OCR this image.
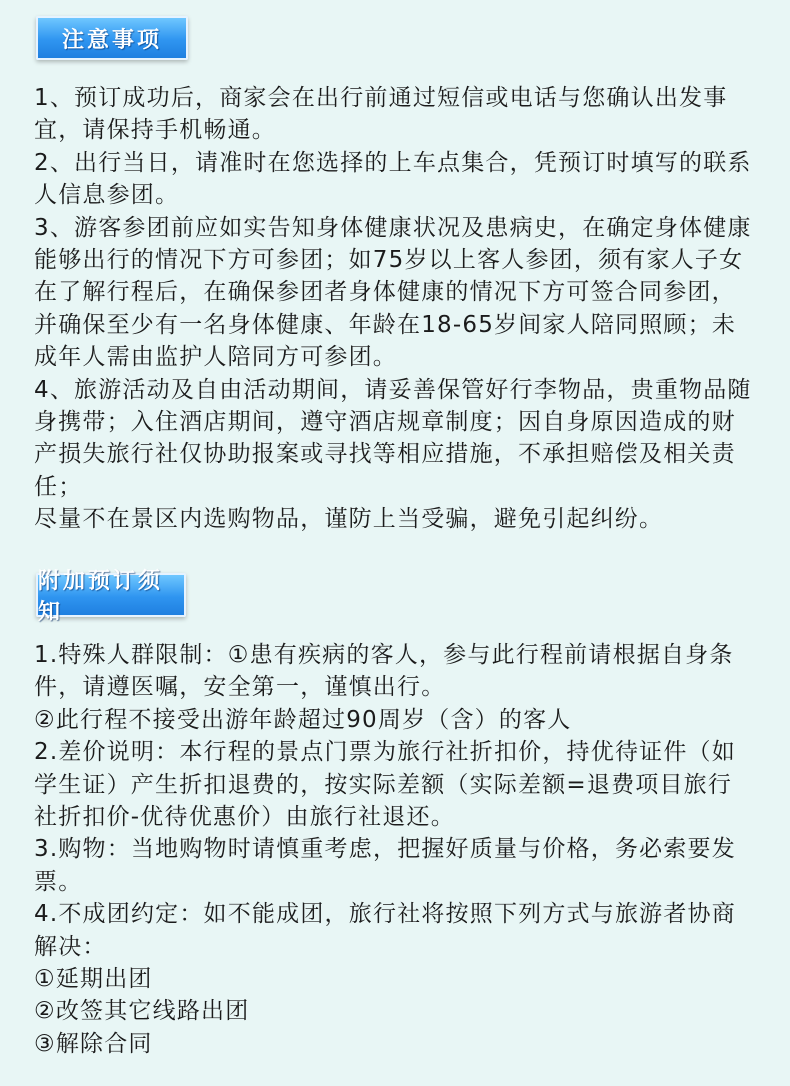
注意事项

1、预订成功后，商家会在出行前通过短信或电话与您确认出发事宜，请保持手机畅通。

2、出行当日，请准时在您选择的上车点集合，凭预订时填写的联系人信息参团。

3、游客参团前应如实告知身体健康状况及患病史，在确定身体健康能够出行的情况下方可参团；如75岁以上客人参团，须有家人子女在了解行程后，在确保参团者身体健康的情况下方可签合同参团，并确保至少有一名身体健康、年龄在18-65岁间家人陪同照顾；未成年人需由监护人陪同方可参团。

4、旅游活动及自由活动期间，请妥善保管好行李物品，贵重物品随身携带；入住酒店期间，遵守酒店规章制度；因自身原因造成的财产损失旅行社仅协助报案或寻找等相应措施，不承担赔偿及相关责任；

尽量不在景区内选购物品，谨防上当受骗，避免引起纠纷。

附加预订须知

1.特殊人群限制：①患有疾病的客人，参与此行程前请根据自身条件，请遵医嘱，安全第一，谨慎出行。

②此行程不接受出游年龄超过90周岁（含）的客人

2.差价说明：本行程的景点门票为旅行社折扣价，持优待证件（如学生证）产生折扣退费的，按实际差额（实际差额=退费项目旅行社折扣价-优待优惠价）由旅行社退还。

3.购物：当地购物时请慎重考虑，把握好质量与价格，务必索要发票。

4.不成团约定：如不能成团，旅行社将按照下列方式与旅游者协商解决：

①延期出团

②改签其它线路出团

③解除合同
